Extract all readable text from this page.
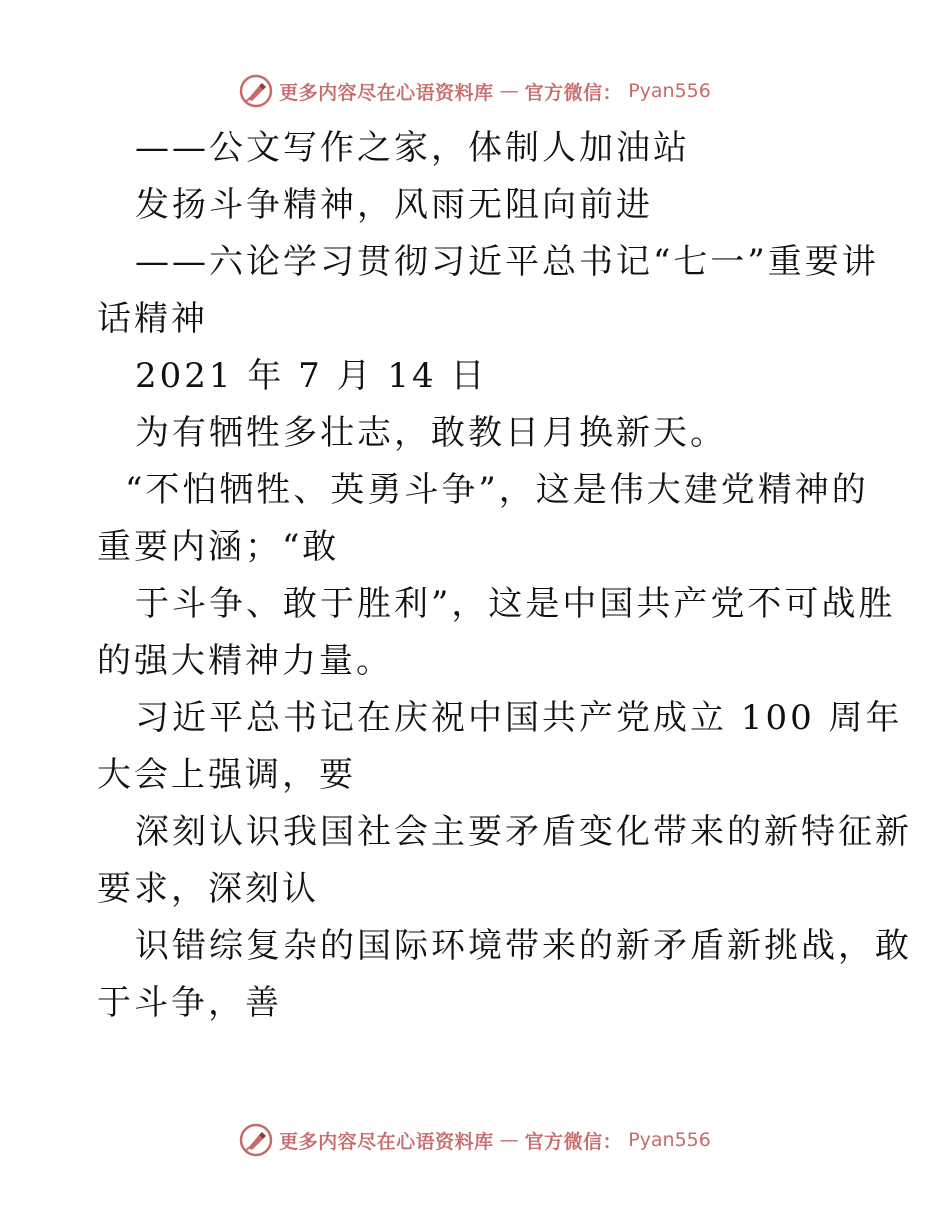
更多内容尽在心语资料库 — 官方微信： Pyan556
——公文写作之家，体制人加油站
发扬斗争精神，风雨无阻向前进
——六论学习贯彻习近平总书记“七一”重要讲
话精神
2021 年 7 月 14 日
为有牺牲多壮志，敢教日月换新天。
“不怕牺牲、英勇斗争”，这是伟大建党精神的
重要内涵；“敢
于斗争、敢于胜利”，这是中国共产党不可战胜
的强大精神力量。
习近平总书记在庆祝中国共产党成立 100 周年
大会上强调，要
深刻认识我国社会主要矛盾变化带来的新特征新
要求，深刻认
识错综复杂的国际环境带来的新矛盾新挑战，敢
于斗争，善
更多内容尽在心语资料库 — 官方微信： Pyan556
